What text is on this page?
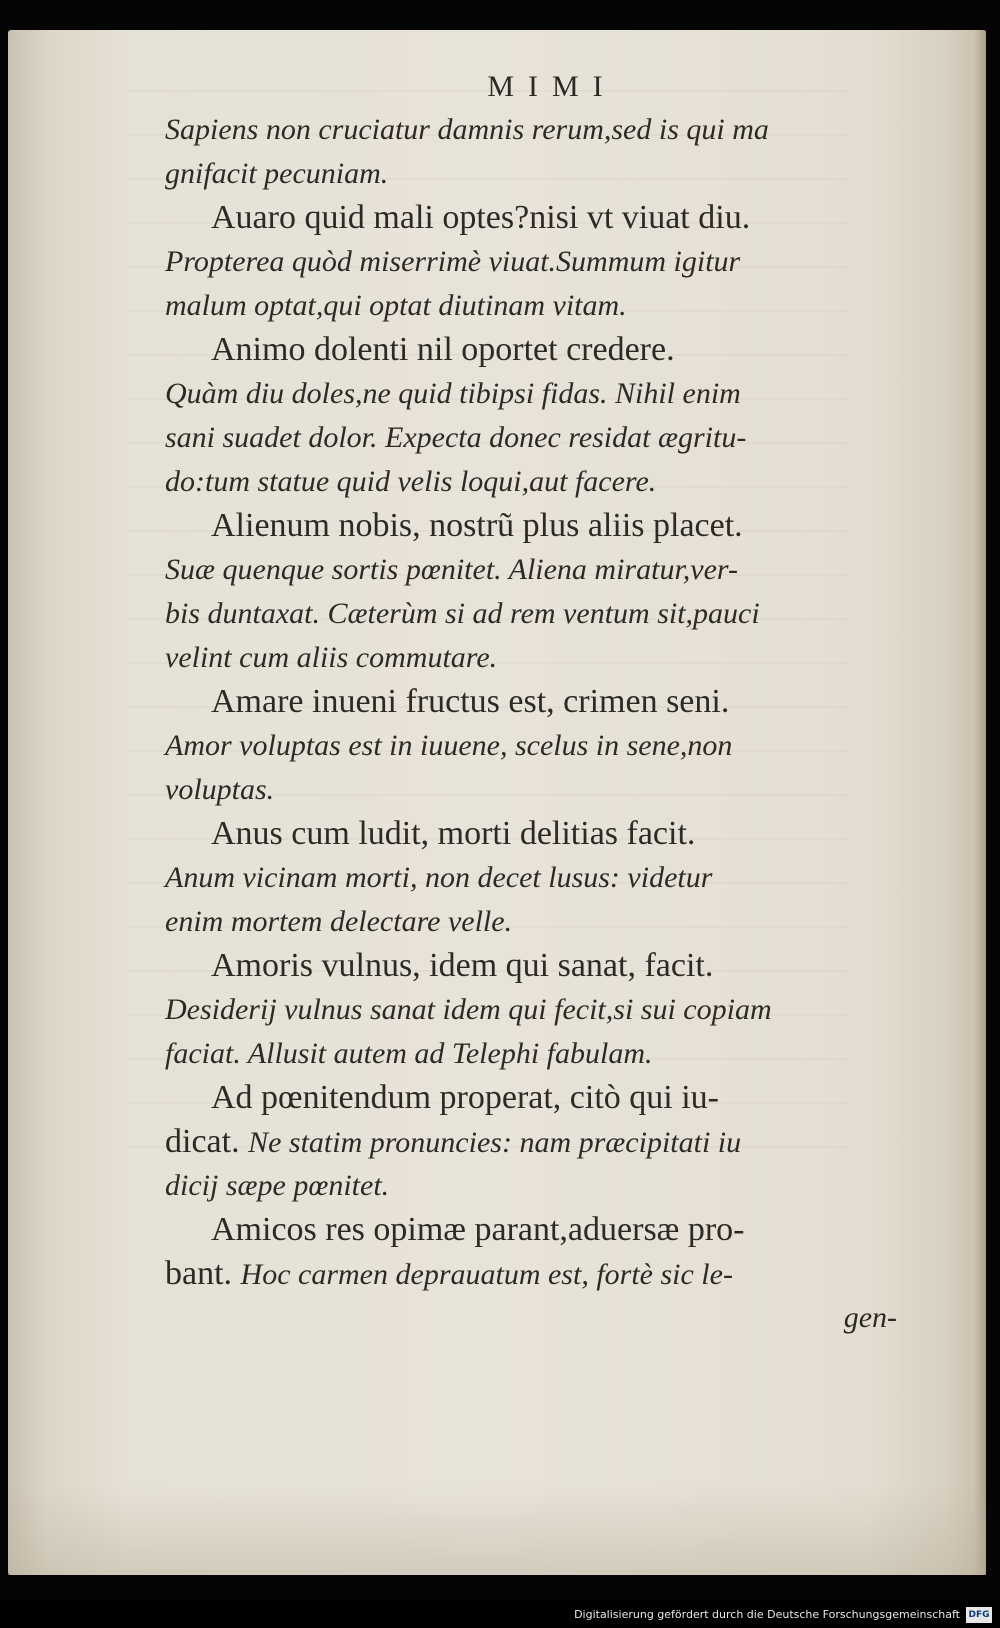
MIMI
Sapiens non cruciatur damnis rerum,sed is qui ma
gnifacit pecuniam.
Auaro quid mali optes?nisi vt viuat diu.
Propterea quòd miserrimè viuat.Summum igitur
malum optat,qui optat diutinam vitam.
Animo dolenti nil oportet credere.
Quàm diu doles,ne quid tibipsi fidas. Nihil enim
sani suadet dolor. Expecta donec residat ægritu-
do:tum statue quid velis loqui,aut facere.
Alienum nobis, nostrũ plus aliis placet.
Suæ quenque sortis pœnitet. Aliena miratur,ver-
bis duntaxat. Cæterùm si ad rem ventum sit,pauci
velint cum aliis commutare.
Amare inueni fructus est, crimen seni.
Amor voluptas est in iuuene, scelus in sene,non
voluptas.
Anus cum ludit, morti delitias facit.
Anum vicinam morti, non decet lusus: videtur
enim mortem delectare velle.
Amoris vulnus, idem qui sanat, facit.
Desiderij vulnus sanat idem qui fecit,si sui copiam
faciat. Allusit autem ad Telephi fabulam.
Ad pœnitendum properat, citò qui iu-
dicat. Ne statim pronuncies: nam præcipitati iu
dicij sæpe pœnitet.
Amicos res opimæ parant,aduersæ pro-
bant. Hoc carmen deprauatum est, fortè sic le-
gen-
Digitalisierung gefördert durch die Deutsche Forschungsgemeinschaft DFG
